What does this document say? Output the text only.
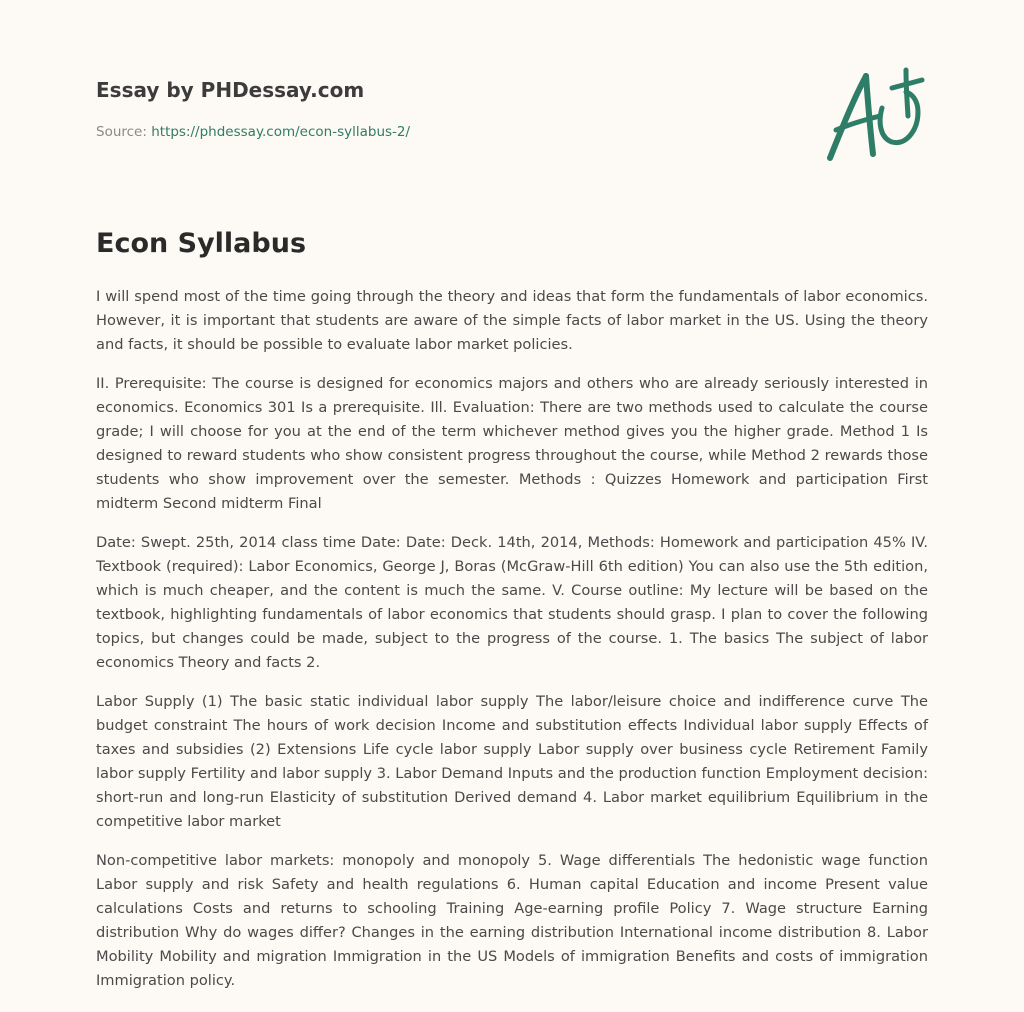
Essay by PHDessay.com
Source: https://phdessay.com/econ-syllabus-2/
Econ Syllabus

I will spend most of the time going through the theory and ideas that form the fundamentals of labor economics. However, it is important that students are aware of the simple facts of labor market in the US. Using the theory and facts, it should be possible to evaluate labor market policies.

II. Prerequisite: The course is designed for economics majors and others who are already seriously interested in economics. Economics 301 Is a prerequisite. Ill. Evaluation: There are two methods used to calculate the course grade; I will choose for you at the end of the term whichever method gives you the higher grade. Method 1 Is designed to reward students who show consistent progress throughout the course, while Method 2 rewards those students who show improvement over the semester. Methods : Quizzes Homework and participation First midterm Second midterm Final

Date: Swept. 25th, 2014 class time Date: Date: Deck. 14th, 2014, Methods: Homework and participation 45% IV. Textbook (required): Labor Economics, George J, Boras (McGraw-Hill 6th edition) You can also use the 5th edition, which is much cheaper, and the content is much the same. V. Course outline: My lecture will be based on the textbook, highlighting fundamentals of labor economics that students should grasp. I plan to cover the following topics, but changes could be made, subject to the progress of the course. 1. The basics The subject of labor economics Theory and facts 2.

Labor Supply (1) The basic static individual labor supply The labor/leisure choice and indifference curve The budget constraint The hours of work decision Income and substitution effects Individual labor supply Effects of taxes and subsidies (2) Extensions Life cycle labor supply Labor supply over business cycle Retirement Family labor supply Fertility and labor supply 3. Labor Demand Inputs and the production function Employment decision: short-run and long-run Elasticity of substitution Derived demand 4. Labor market equilibrium Equilibrium in the competitive labor market

Non-competitive labor markets: monopoly and monopoly 5. Wage differentials The hedonistic wage function Labor supply and risk Safety and health regulations 6. Human capital Education and income Present value calculations Costs and returns to schooling Training Age-earning profile Policy 7. Wage structure Earning distribution Why do wages differ? Changes in the earning distribution International income distribution 8. Labor Mobility Mobility and migration Immigration in the US Models of immigration Benefits and costs of immigration Immigration policy.
